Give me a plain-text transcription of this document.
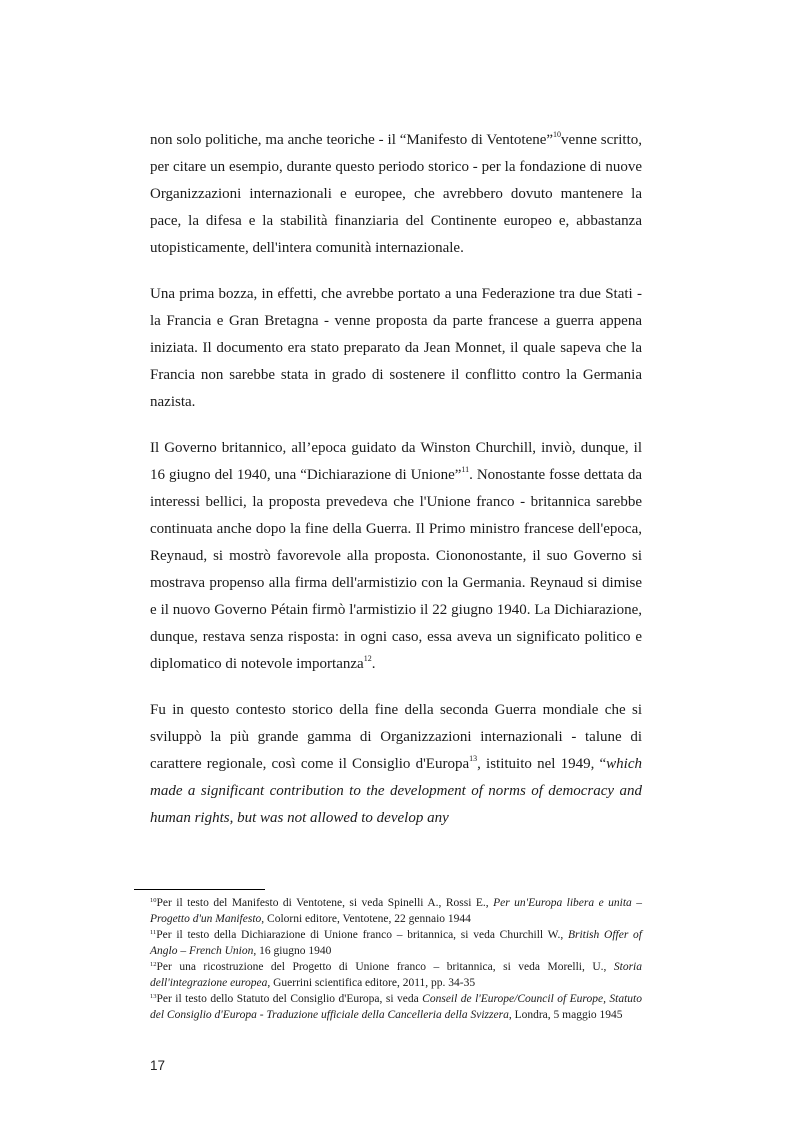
non solo politiche, ma anche teoriche - il “Manifesto di Ventotene”$^{10}$venne scritto, per citare un esempio, durante questo periodo storico - per la fondazione di nuove Organizzazioni internazionali e europee, che avrebbero dovuto mantenere la pace, la difesa e la stabilità finanziaria del Continente europeo e, abbastanza utopisticamente, dell'intera comunità internazionale.

Una prima bozza, in effetti, che avrebbe portato a una Federazione tra due Stati - la Francia e Gran Bretagna - venne proposta da parte francese a guerra appena iniziata. Il documento era stato preparato da Jean Monnet, il quale sapeva che la Francia non sarebbe stata in grado di sostenere il conflitto contro la Germania nazista.

Il Governo britannico, all’epoca guidato da Winston Churchill, inviò, dunque, il 16 giugno del 1940, una “Dichiarazione di Unione”$^{11}$. Nonostante fosse dettata da interessi bellici, la proposta prevedeva che l'Unione franco - britannica sarebbe continuata anche dopo la fine della Guerra. Il Primo ministro francese dell'epoca, Reynaud, si mostrò favorevole alla proposta. Ciononostante, il suo Governo si mostrava propenso alla firma dell'armistizio con la Germania. Reynaud si dimise e il nuovo Governo Pétain firmò l'armistizio il 22 giugno 1940. La Dichiarazione, dunque, restava senza risposta: in ogni caso, essa aveva un significato politico e diplomatico di notevole importanza$^{12}$.

Fu in questo contesto storico della fine della seconda Guerra mondiale che si sviluppò la più grande gamma di Organizzazioni internazionali - talune di carattere regionale, così come il Consiglio d'Europa$^{13}$, istituito nel 1949, “which made a significant contribution to the development of norms of democracy and human rights, but was not allowed to develop any

$^{10}$Per il testo del Manifesto di Ventotene, si veda Spinelli A., Rossi E., Per un'Europa libera e unita – Progetto d'un Manifesto, Colorni editore, Ventotene, 22 gennaio 1944

$^{11}$Per il testo della Dichiarazione di Unione franco – britannica, si veda Churchill W., British Offer of Anglo – French Union, 16 giugno 1940

$^{12}$Per una ricostruzione del Progetto di Unione franco – britannica, si veda Morelli, U., Storia dell'integrazione europea, Guerrini scientifica editore, 2011, pp. 34-35

$^{13}$Per il testo dello Statuto del Consiglio d'Europa, si veda Conseil de l'Europe/Council of Europe, Statuto del Consiglio d'Europa - Traduzione ufficiale della Cancelleria della Svizzera, Londra, 5 maggio 1945

17
